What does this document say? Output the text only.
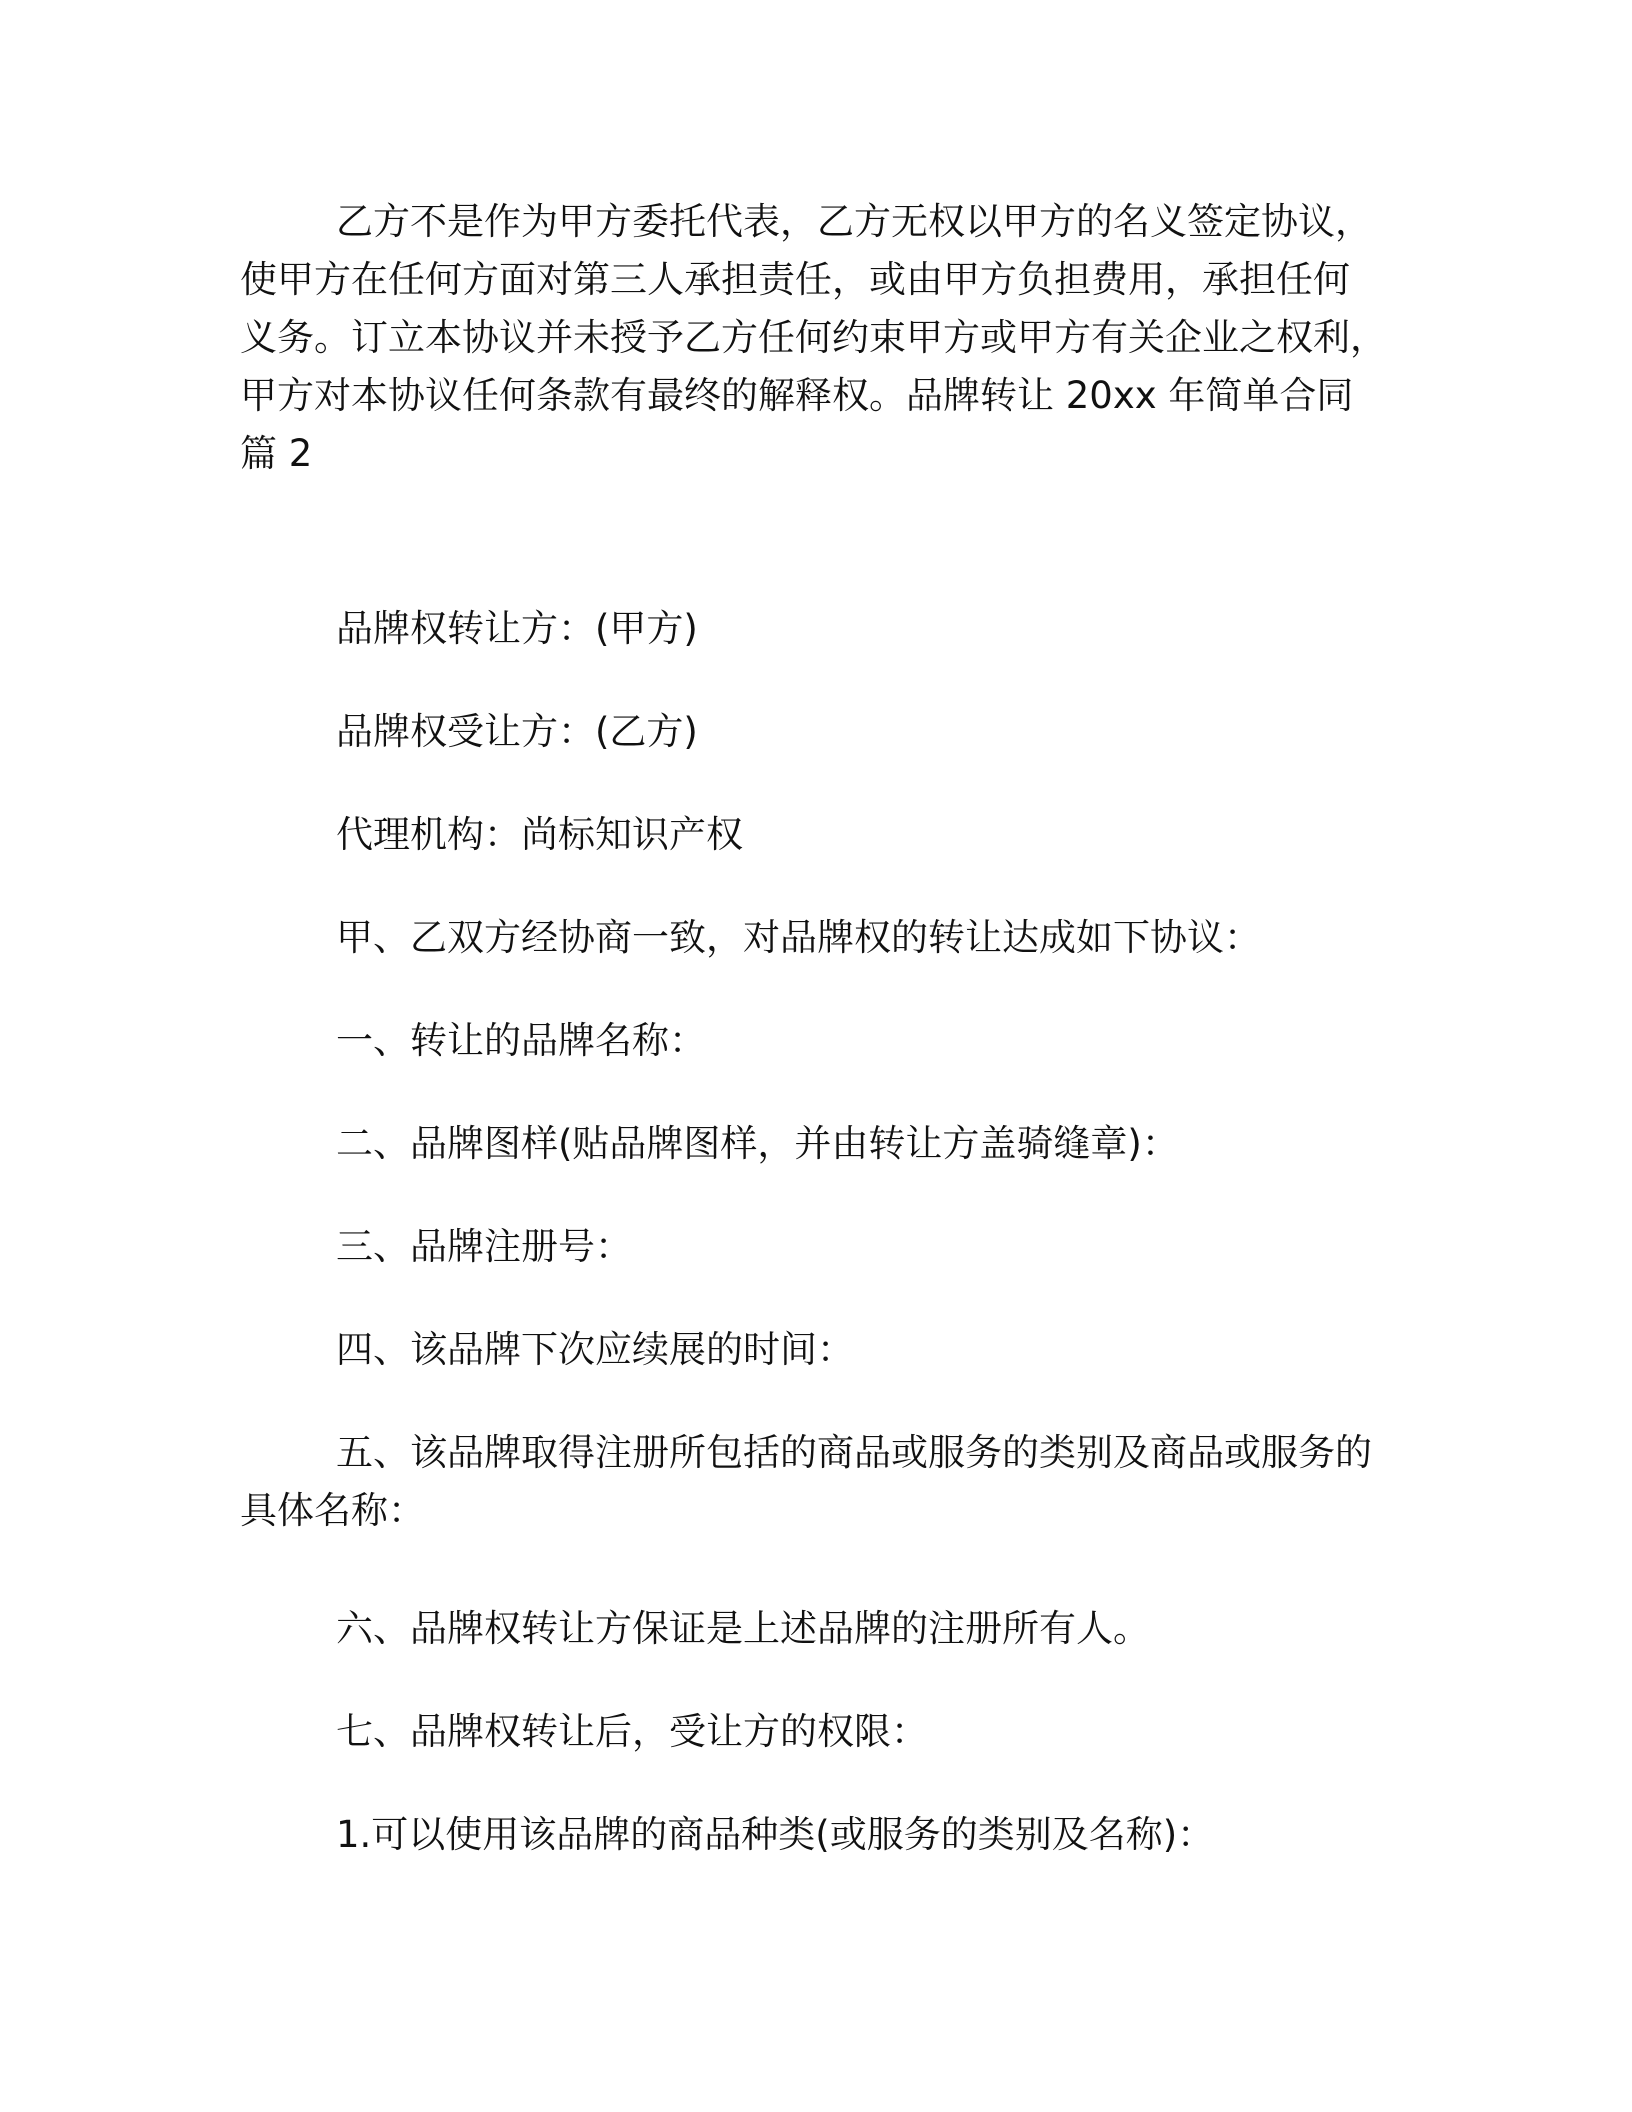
乙方不是作为甲方委托代表，乙方无权以甲方的名义签定协议，
使甲方在任何方面对第三人承担责任，或由甲方负担费用，承担任何
义务。订立本协议并未授予乙方任何约束甲方或甲方有关企业之权利，
甲方对本协议任何条款有最终的解释权。品牌转让 20xx 年简单合同
篇 2
品牌权转让方：(甲方)
品牌权受让方：(乙方)
代理机构：尚标知识产权
甲、乙双方经协商一致，对品牌权的转让达成如下协议：
一、转让的品牌名称：
二、品牌图样(贴品牌图样，并由转让方盖骑缝章)：
三、品牌注册号：
四、该品牌下次应续展的时间：
五、该品牌取得注册所包括的商品或服务的类别及商品或服务的
具体名称：
六、品牌权转让方保证是上述品牌的注册所有人。
七、品牌权转让后，受让方的权限：
1.可以使用该品牌的商品种类(或服务的类别及名称)：
